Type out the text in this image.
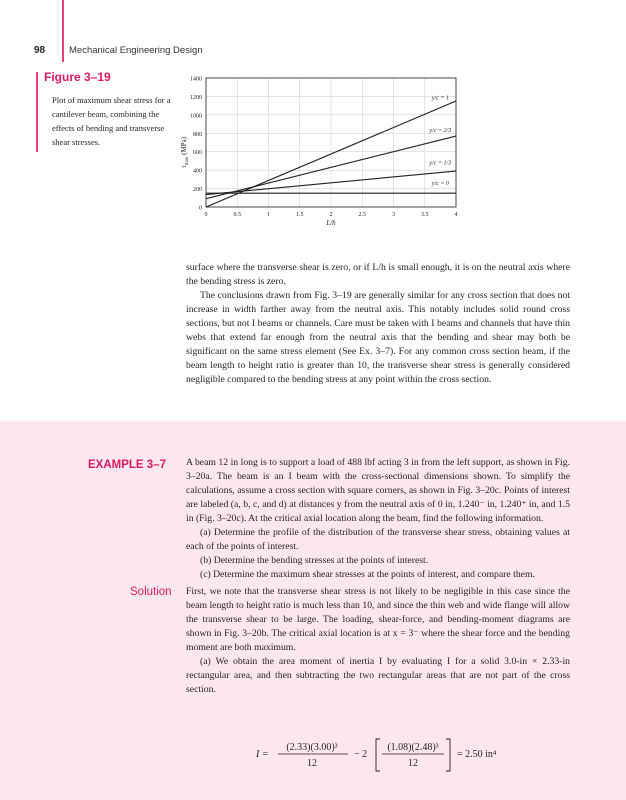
98	Mechanical Engineering Design
Figure 3–19
Plot of maximum shear stress for a cantilever beam, combining the effects of bending and transverse shear stresses.
0
200
400
600
800
1000
1200
1400
0	0.5	1	1.5	2	2.5	3	3.5	4
y/c = 1
y/c = 2/3
y/c = 1/3
y/c = 0
L/h
$\tau_{max}$ (MPa)

surface where the transverse shear is zero, or if L/h is small enough, it is on the neutral axis where the bending stress is zero.

The conclusions drawn from Fig. 3–19 are generally similar for any cross section that does not increase in width farther away from the neutral axis. This notably includes solid round cross sections, but not I beams or channels. Care must be taken with I beams and channels that have thin webs that extend far enough from the neutral axis that the bending and shear may both be significant on the same stress element (See Ex. 3–7). For any common cross section beam, if the beam length to height ratio is greater than 10, the transverse shear stress is generally considered negligible compared to the bending stress at any point within the cross section.

EXAMPLE 3–7 A beam 12 in long is to support a load of 488 lbf acting 3 in from the left support, as shown in Fig. 3–20a. The beam is an I beam with the cross-sectional dimensions shown. To simplify the calculations, assume a cross section with square corners, as shown in Fig. 3–20c. Points of interest are labeled (a, b, c, and d) at distances y from the neutral axis of 0 in, 1.240⁻ in, 1.240⁺ in, and 1.5 in (Fig. 3–20c). At the critical axial location along the beam, find the following information.

(a) Determine the profile of the distribution of the transverse shear stress, obtaining values at each of the points of interest.

(b) Determine the bending stresses at the points of interest.

(c) Determine the maximum shear stresses at the points of interest, and compare them.

Solution First, we note that the transverse shear stress is not likely to be negligible in this case since the beam length to height ratio is much less than 10, and since the thin web and wide flange will allow the transverse shear to be large. The loading, shear-force, and bending-moment diagrams are shown in Fig. 3–20b. The critical axial location is at x = 3⁻ where the shear force and the bending moment are both maximum.

(a) We obtain the area moment of inertia I by evaluating I for a solid 3.0-in × 2.33-in rectangular area, and then subtracting the two rectangular areas that are not part of the cross section.

I =
(2.33)(3.00)³
12
− 2
(1.08)(2.48)³
12
= 2.50 in⁴
